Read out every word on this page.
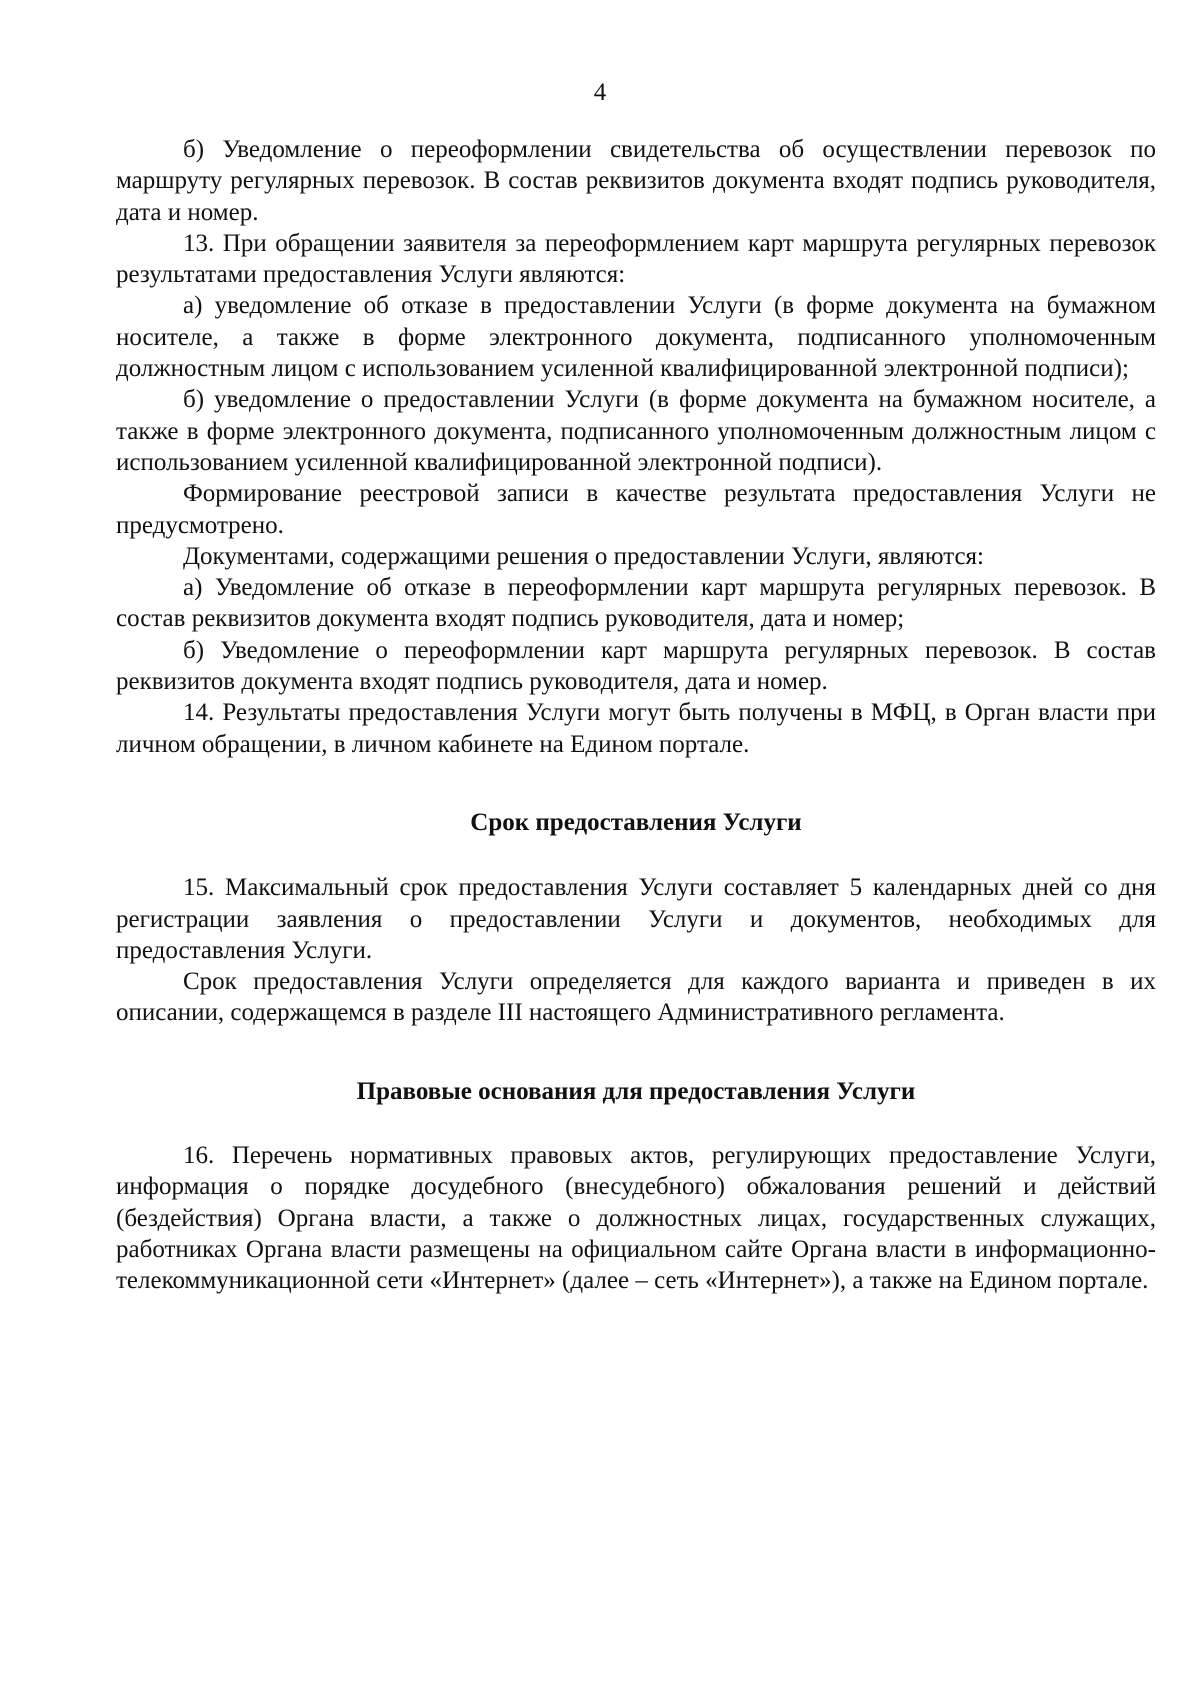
4

б) Уведомление о переоформлении свидетельства об осуществлении перевозок по маршруту регулярных перевозок. В состав реквизитов документа входят подпись руководителя, дата и номер.

13. При обращении заявителя за переоформлением карт маршрута регулярных перевозок результатами предоставления Услуги являются:

а) уведомление об отказе в предоставлении Услуги (в форме документа на бумажном носителе, а также в форме электронного документа, подписанного уполномоченным должностным лицом с использованием усиленной квалифицированной электронной подписи);

б) уведомление о предоставлении Услуги (в форме документа на бумажном носителе, а также в форме электронного документа, подписанного уполномоченным должностным лицом с использованием усиленной квалифицированной электронной подписи).

Формирование реестровой записи в качестве результата предоставления Услуги не предусмотрено.

Документами, содержащими решения о предоставлении Услуги, являются:

а) Уведомление об отказе в переоформлении карт маршрута регулярных перевозок. В состав реквизитов документа входят подпись руководителя, дата и номер;

б) Уведомление о переоформлении карт маршрута регулярных перевозок. В состав реквизитов документа входят подпись руководителя, дата и номер.

14. Результаты предоставления Услуги могут быть получены в МФЦ, в Орган власти при личном обращении, в личном кабинете на Едином портале.

Срок предоставления Услуги

15. Максимальный срок предоставления Услуги составляет 5 календарных дней со дня регистрации заявления о предоставлении Услуги и документов, необходимых для предоставления Услуги.

Срок предоставления Услуги определяется для каждого варианта и приведен в их описании, содержащемся в разделе III настоящего Административного регламента.

Правовые основания для предоставления Услуги

16. Перечень нормативных правовых актов, регулирующих предоставление Услуги, информация о порядке досудебного (внесудебного) обжалования решений и действий (бездействия) Органа власти, а также о должностных лицах, государственных служащих, работниках Органа власти размещены на официальном сайте Органа власти в информационно-телекоммуникационной сети «Интернет» (далее – сеть «Интернет»), а также на Едином портале.
